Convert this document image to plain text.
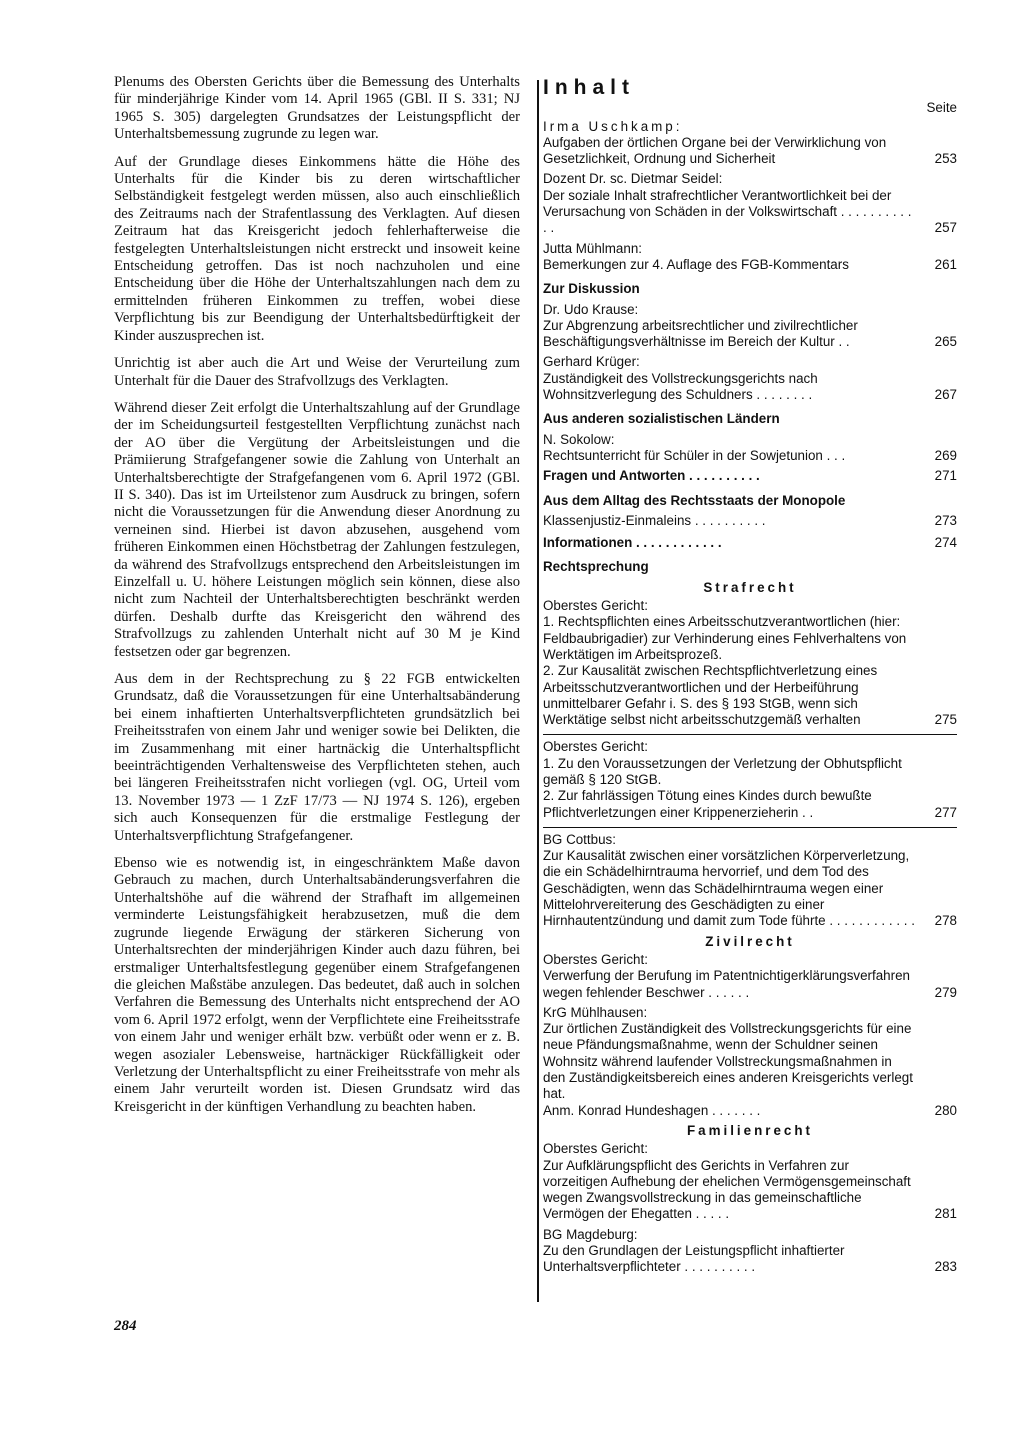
Plenums des Obersten Gerichts über die Bemessung des Unterhalts für minderjährige Kinder vom 14. April 1965 (GBl. II S. 331; NJ 1965 S. 305) dargelegten Grundsatzes der Leistungspflicht der Unterhaltsbemessung zugrunde zu legen war.

Auf der Grundlage dieses Einkommens hätte die Höhe des Unterhalts für die Kinder bis zu deren wirtschaftlicher Selbständigkeit festgelegt werden müssen, also auch einschließlich des Zeitraums nach der Strafentlassung des Verklagten. Auf diesen Zeitraum hat das Kreisgericht jedoch fehlerhafterweise die festgelegten Unterhaltsleistungen nicht erstreckt und insoweit keine Entscheidung getroffen. Das ist noch nachzuholen und eine Entscheidung über die Höhe der Unterhaltszahlungen nach dem zu ermittelnden früheren Einkommen zu treffen, wobei diese Verpflichtung bis zur Beendigung der Unterhaltsbedürftigkeit der Kinder auszusprechen ist.

Unrichtig ist aber auch die Art und Weise der Verurteilung zum Unterhalt für die Dauer des Strafvollzugs des Verklagten.

Während dieser Zeit erfolgt die Unterhaltszahlung auf der Grundlage der im Scheidungsurteil festgestellten Verpflichtung zunächst nach der AO über die Vergütung der Arbeitsleistungen und die Prämiierung Strafgefangener sowie die Zahlung von Unterhalt an Unterhaltsberechtigte der Strafgefangenen vom 6. April 1972 (GBl. II S. 340). Das ist im Urteilstenor zum Ausdruck zu bringen, sofern nicht die Voraussetzungen für die Anwendung dieser Anordnung zu verneinen sind. Hierbei ist davon abzusehen, ausgehend vom früheren Einkommen einen Höchstbetrag der Zahlungen festzulegen, da während des Strafvollzugs entsprechend den Arbeitsleistungen im Einzelfall u. U. höhere Leistungen möglich sein können, diese also nicht zum Nachteil der Unterhaltsberechtigten beschränkt werden dürfen. Deshalb durfte das Kreisgericht den während des Strafvollzugs zu zahlenden Unterhalt nicht auf 30 M je Kind festsetzen oder gar begrenzen.

Aus dem in der Rechtsprechung zu § 22 FGB entwickelten Grundsatz, daß die Voraussetzungen für eine Unterhaltsabänderung bei einem inhaftierten Unterhaltsverpflichteten grundsätzlich bei Freiheitsstrafen von einem Jahr und weniger sowie bei Delikten, die im Zusammenhang mit einer hartnäckig die Unterhaltspflicht beeinträchtigenden Verhaltensweise des Verpflichteten stehen, auch bei längeren Freiheitsstrafen nicht vorliegen (vgl. OG, Urteil vom 13. November 1973 — 1 ZzF 17/73 — NJ 1974 S. 126), ergeben sich auch Konsequenzen für die erstmalige Festlegung der Unterhaltsverpflichtung Strafgefangener.

Ebenso wie es notwendig ist, in eingeschränktem Maße davon Gebrauch zu machen, durch Unterhaltsabänderungsverfahren die Unterhaltshöhe auf die während der Strafhaft im allgemeinen verminderte Leistungsfähigkeit herabzusetzen, muß die dem zugrunde liegende Erwägung der stärkeren Sicherung von Unterhaltsrechten der minderjährigen Kinder auch dazu führen, bei erstmaliger Unterhaltsfestlegung gegenüber einem Strafgefangenen die gleichen Maßstäbe anzulegen. Das bedeutet, daß auch in solchen Verfahren die Bemessung des Unterhalts nicht entsprechend der AO vom 6. April 1972 erfolgt, wenn der Verpflichtete eine Freiheitsstrafe von einem Jahr und weniger erhält bzw. verbüßt oder wenn er z. B. wegen asozialer Lebensweise, hartnäckiger Rückfälligkeit oder Verletzung der Unterhaltspflicht zu einer Freiheitsstrafe von mehr als einem Jahr verurteilt worden ist. Diesen Grundsatz wird das Kreisgericht in der künftigen Verhandlung zu beachten haben.

Inhalt
Seite
Irma Uschkamp:
Aufgaben der örtlichen Organe bei der Verwirklichung von Gesetzlichkeit, Ordnung und Sicherheit	253
Dozent Dr. sc. Dietmar Seidel:
Der soziale Inhalt strafrechtlicher Verantwortlichkeit bei der Verursachung von Schäden in der Volkswirtschaft . . . . . . . . . . . .	257
Jutta Mühlmann:
Bemerkungen zur 4. Auflage des FGB-Kommentars	261
Zur Diskussion
Dr. Udo Krause:
Zur Abgrenzung arbeitsrechtlicher und zivilrechtlicher Beschäftigungsverhältnisse im Bereich der Kultur . .	265
Gerhard Krüger:
Zuständigkeit des Vollstreckungsgerichts nach Wohnsitzverlegung des Schuldners . . . . . . . .	267
Aus anderen sozialistischen Ländern
N. Sokolow:
Rechtsunterricht für Schüler in der Sowjetunion . . .	269
Fragen und Antworten . . . . . . . . . .	271
Aus dem Alltag des Rechtsstaats der Monopole
Klassenjustiz-Einmaleins . . . . . . . . . .	273
Informationen . . . . . . . . . . . .	274
Rechtsprechung
Strafrecht
Oberstes Gericht:
1. Rechtspflichten eines Arbeitsschutzverantwortlichen (hier: Feldbaubrigadier) zur Verhinderung eines Fehlverhaltens von Werktätigen im Arbeitsprozeß.
2. Zur Kausalität zwischen Rechtspflichtverletzung eines Arbeitsschutzverantwortlichen und der Herbeiführung unmittelbarer Gefahr i. S. des § 193 StGB, wenn sich Werktätige selbst nicht arbeitsschutzgemäß verhalten	275
Oberstes Gericht:
1. Zu den Voraussetzungen der Verletzung der Obhutspflicht gemäß § 120 StGB.
2. Zur fahrlässigen Tötung eines Kindes durch bewußte Pflichtverletzungen einer Krippenerzieherin . .	277
BG Cottbus:
Zur Kausalität zwischen einer vorsätzlichen Körperverletzung, die ein Schädelhirntrauma hervorrief, und dem Tod des Geschädigten, wenn das Schädelhirntrauma wegen einer Mittelohrvereiterung des Geschädigten zu einer Hirnhautentzündung und damit zum Tode führte . . . . . . . . . . . .	278
Zivilrecht
Oberstes Gericht:
Verwerfung der Berufung im Patentnichtigerklärungsverfahren wegen fehlender Beschwer . . . . . .	279
KrG Mühlhausen:
Zur örtlichen Zuständigkeit des Vollstreckungsgerichts für eine neue Pfändungsmaßnahme, wenn der Schuldner seinen Wohnsitz während laufender Vollstreckungsmaßnahmen in den Zuständigkeitsbereich eines anderen Kreisgerichts verlegt hat.
Anm. Konrad Hundeshagen . . . . . . .	280
Familienrecht
Oberstes Gericht:
Zur Aufklärungspflicht des Gerichts in Verfahren zur vorzeitigen Aufhebung der ehelichen Vermögensgemeinschaft wegen Zwangsvollstreckung in das gemeinschaftliche Vermögen der Ehegatten . . . . .	281
BG Magdeburg:
Zu den Grundlagen der Leistungspflicht inhaftierter Unterhaltsverpflichteter . . . . . . . . . .	283
284
